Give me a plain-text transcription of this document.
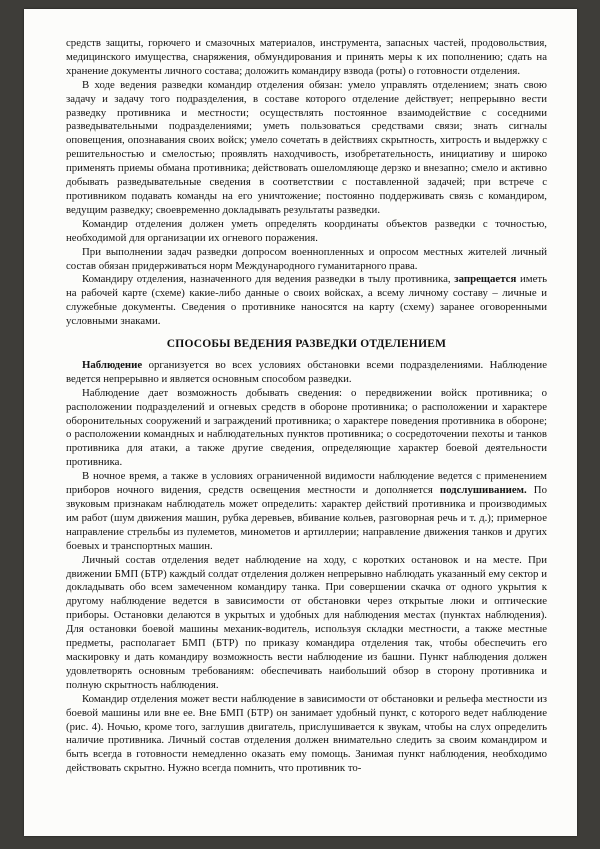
средств защиты, горючего и смазочных материалов, инструмента, запасных частей, продовольствия, медицинского имущества, снаряжения, обмундирования и принять меры к их пополнению; сдать на хранение документы личного состава; доложить командиру взвода (роты) о готовности отделения.

В ходе ведения разведки командир отделения обязан: умело управлять отделением; знать свою задачу и задачу того подразделения, в составе которого отделение действует; непрерывно вести разведку противника и местности; осуществлять постоянное взаимодействие с соседними разведывательными подразделениями; уметь пользоваться средствами связи; знать сигналы оповещения, опознавания своих войск; умело сочетать в действиях скрытность, хитрость и выдержку с решительностью и смелостью; проявлять находчивость, изобретательность, инициативу и широко применять приемы обмана противника; действовать ошеломляюще дерзко и внезапно; смело и активно добывать разведывательные сведения в соответствии с поставленной задачей; при встрече с противником подавать команды на его уничтожение; постоянно поддерживать связь с командиром, ведущим разведку; своевременно докладывать результаты разведки.

Командир отделения должен уметь определять координаты объектов разведки с точностью, необходимой для организации их огневого поражения.

При выполнении задач разведки допросом военнопленных и опросом местных жителей личный состав обязан придерживаться норм Международного гуманитарного права.

Командиру отделения, назначенного для ведения разведки в тылу противника, запрещается иметь на рабочей карте (схеме) какие-либо данные о своих войсках, а всему личному составу – личные и служебные документы. Сведения о противнике наносятся на карту (схему) заранее оговоренными условными знаками.

СПОСОБЫ ВЕДЕНИЯ РАЗВЕДКИ ОТДЕЛЕНИЕМ

Наблюдение организуется во всех условиях обстановки всеми подразделениями. Наблюдение ведется непрерывно и является основным способом разведки.

Наблюдение дает возможность добывать сведения: о передвижении войск противника; о расположении подразделений и огневых средств в обороне противника; о расположении и характере оборонительных сооружений и заграждений противника; о характере поведения противника в обороне; о расположении командных и наблюдательных пунктов противника; о сосредоточении пехоты и танков противника для атаки, а также другие сведения, определяющие характер боевой деятельности противника.

В ночное время, а также в условиях ограниченной видимости наблюдение ведется с применением приборов ночного видения, средств освещения местности и дополняется подслушиванием. По звуковым признакам наблюдатель может определить: характер действий противника и производимых им работ (шум движения машин, рубка деревьев, вбивание кольев, разговорная речь и т. д.); примерное направление стрельбы из пулеметов, минометов и артиллерии; направление движения танков и других боевых и транспортных машин.

Личный состав отделения ведет наблюдение на ходу, с коротких остановок и на месте. При движении БМП (БТР) каждый солдат отделения должен непрерывно наблюдать указанный ему сектор и докладывать обо всем замеченном командиру танка. При совершении скачка от одного укрытия к другому наблюдение ведется в зависимости от обстановки через открытые люки и оптические приборы. Остановки делаются в укрытых и удобных для наблюдения местах (пунктах наблюдения). Для остановки боевой машины механик-водитель, используя складки местности, а также местные предметы, располагает БМП (БТР) по приказу командира отделения так, чтобы обеспечить его маскировку и дать командиру возможность вести наблюдение из башни. Пункт наблюдения должен удовлетворять основным требованиям: обеспечивать наибольший обзор в сторону противника и полную скрытность наблюдения.

Командир отделения может вести наблюдение в зависимости от обстановки и рельефа местности из боевой машины или вне ее. Вне БМП (БТР) он занимает удобный пункт, с которого ведет наблюдение (рис. 4). Ночью, кроме того, заглушив двигатель, прислушивается к звукам, чтобы на слух определить наличие противника. Личный состав отделения должен внимательно следить за своим командиром и быть всегда в готовности немедленно оказать ему помощь. Занимая пункт наблюдения, необходимо действовать скрытно. Нужно всегда помнить, что противник то-
